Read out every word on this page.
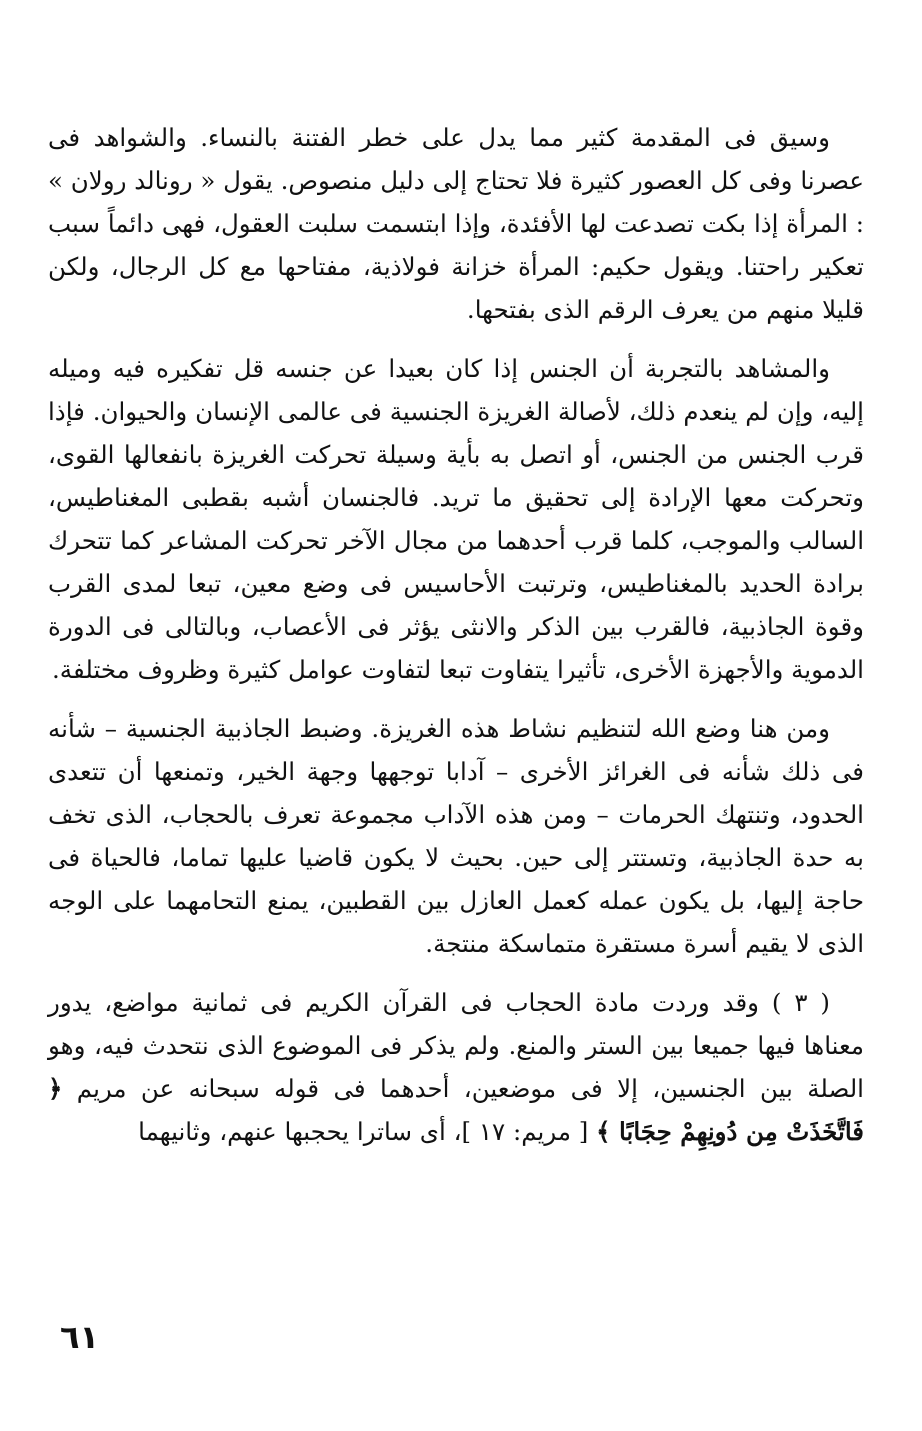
وسيق فى المقدمة كثير مما يدل على خطر الفتنة بالنساء. والشواهد فى عصرنا وفى كل العصور كثيرة فلا تحتاج إلى دليل منصوص. يقول « رونالد رولان » : المرأة إذا بكت تصدعت لها الأفئدة، وإذا ابتسمت سلبت العقول، فهى دائماً سبب تعكير راحتنا. ويقول حكيم: المرأة خزانة فولاذية، مفتاحها مع كل الرجال، ولكن قليلا منهم من يعرف الرقم الذى بفتحها.

والمشاهد بالتجربة أن الجنس إذا كان بعيدا عن جنسه قل تفكيره فيه وميله إليه، وإن لم ينعدم ذلك، لأصالة الغريزة الجنسية فى عالمى الإنسان والحيوان. فإذا قرب الجنس من الجنس، أو اتصل به بأية وسيلة تحركت الغريزة بانفعالها القوى، وتحركت معها الإرادة إلى تحقيق ما تريد. فالجنسان أشبه بقطبى المغناطيس، السالب والموجب، كلما قرب أحدهما من مجال الآخر تحركت المشاعر كما تتحرك برادة الحديد بالمغناطيس، وترتبت الأحاسيس فى وضع معين، تبعا لمدى القرب وقوة الجاذبية، فالقرب بين الذكر والانثى يؤثر فى الأعصاب، وبالتالى فى الدورة الدموية والأجهزة الأخرى، تأثيرا يتفاوت تبعا لتفاوت عوامل كثيرة وظروف مختلفة.

ومن هنا وضع الله لتنظيم نشاط هذه الغريزة. وضبط الجاذبية الجنسية – شأنه فى ذلك شأنه فى الغرائز الأخرى – آدابا توجهها وجهة الخير، وتمنعها أن تتعدى الحدود، وتنتهك الحرمات – ومن هذه الآداب مجموعة تعرف بالحجاب، الذى تخف به حدة الجاذبية، وتستتر إلى حين. بحيث لا يكون قاضيا عليها تماما، فالحياة فى حاجة إليها، بل يكون عمله كعمل العازل بين القطبين، يمنع التحامهما على الوجه الذى لا يقيم أسرة مستقرة متماسكة منتجة.

( ٣ ) وقد وردت مادة الحجاب فى القرآن الكريم فى ثمانية مواضع، يدور معناها فيها جميعا بين الستر والمنع. ولم يذكر فى الموضوع الذى نتحدث فيه، وهو الصلة بين الجنسين، إلا فى موضعين، أحدهما فى قوله سبحانه عن مريم ﴿ فَاتَّخَذَتْ مِن دُونِهِمْ حِجَابًا ﴾ [ مريم: ١٧ ]، أى ساترا يحجبها عنهم، وثانيهما

٦١
